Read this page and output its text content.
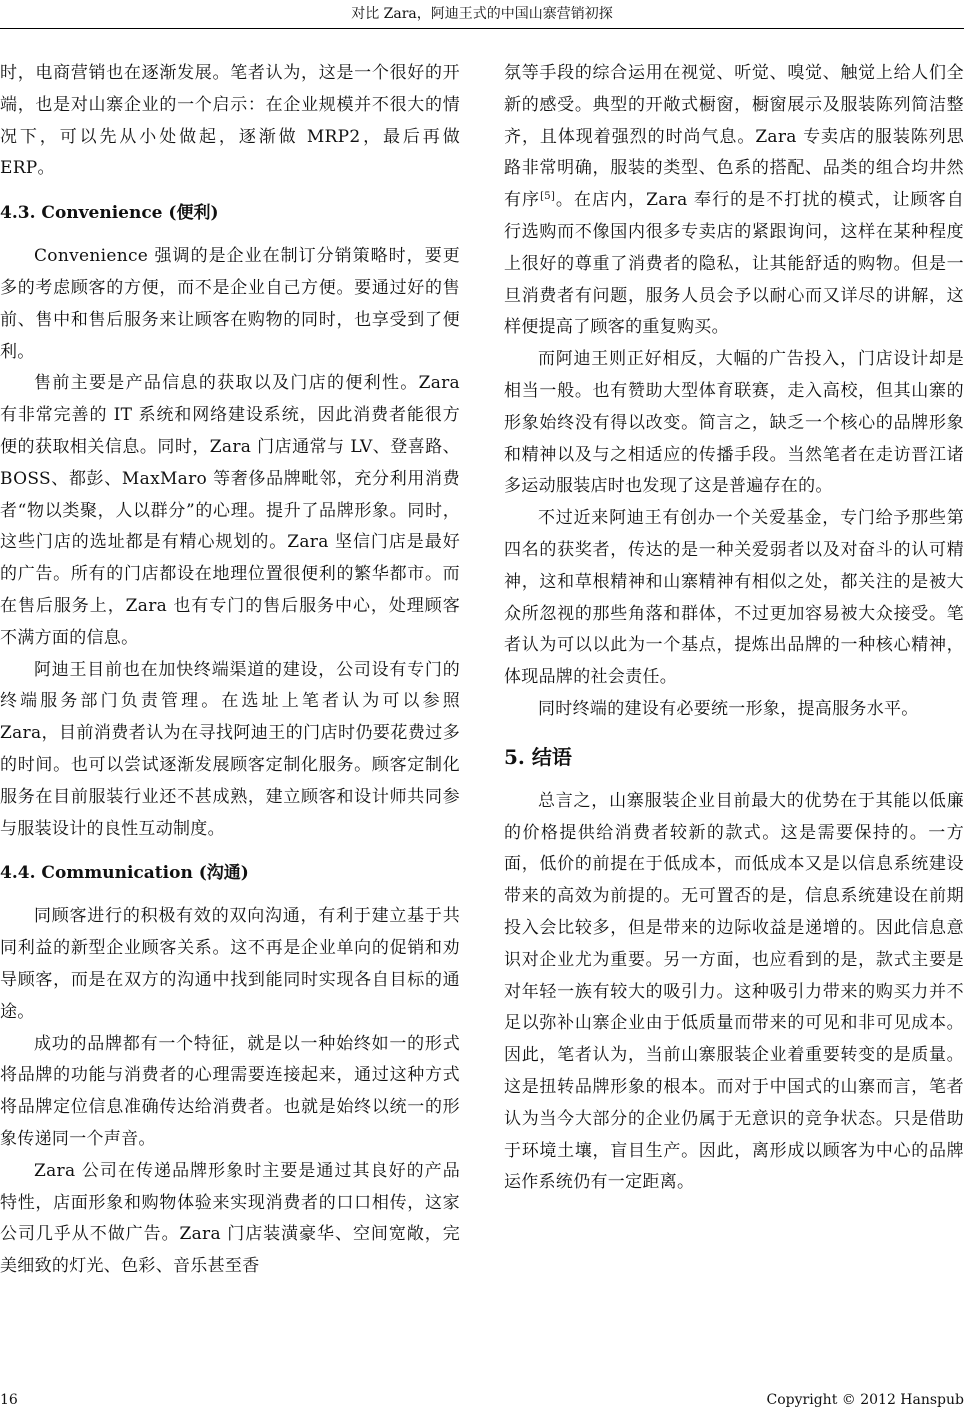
对比 Zara，阿迪王式的中国山寨营销初探

时，电商营销也在逐渐发展。笔者认为，这是一个很好的开端，也是对山寨企业的一个启示：在企业规模并不很大的情况下，可以先从小处做起，逐渐做 MRP2，最后再做 ERP。

4.3. Convenience (便利)

Convenience 强调的是企业在制订分销策略时，要更多的考虑顾客的方便，而不是企业自己方便。要通过好的售前、售中和售后服务来让顾客在购物的同时，也享受到了便利。

售前主要是产品信息的获取以及门店的便利性。Zara 有非常完善的 IT 系统和网络建设系统，因此消费者能很方便的获取相关信息。同时，Zara 门店通常与 LV、登喜路、BOSS、都彭、MaxMaro 等奢侈品牌毗邻，充分利用消费者“物以类聚，人以群分”的心理。提升了品牌形象。同时，这些门店的选址都是有精心规划的。Zara 坚信门店是最好的广告。所有的门店都设在地理位置很便利的繁华都市。而在售后服务上，Zara 也有专门的售后服务中心，处理顾客不满方面的信息。

阿迪王目前也在加快终端渠道的建设，公司设有专门的终端服务部门负责管理。在选址上笔者认为可以参照 Zara，目前消费者认为在寻找阿迪王的门店时仍要花费过多的时间。也可以尝试逐渐发展顾客定制化服务。顾客定制化服务在目前服装行业还不甚成熟，建立顾客和设计师共同参与服装设计的良性互动制度。

4.4. Communication (沟通)

同顾客进行的积极有效的双向沟通，有利于建立基于共同利益的新型企业顾客关系。这不再是企业单向的促销和劝导顾客，而是在双方的沟通中找到能同时实现各自目标的通途。

成功的品牌都有一个特征，就是以一种始终如一的形式将品牌的功能与消费者的心理需要连接起来，通过这种方式将品牌定位信息准确传达给消费者。也就是始终以统一的形象传递同一个声音。

Zara 公司在传递品牌形象时主要是通过其良好的产品特性，店面形象和购物体验来实现消费者的口口相传，这家公司几乎从不做广告。Zara 门店装潢豪华、空间宽敞，完美细致的灯光、色彩、音乐甚至香

氛等手段的综合运用在视觉、听觉、嗅觉、触觉上给人们全新的感受。典型的开敞式橱窗，橱窗展示及服装陈列简洁整齐，且体现着强烈的时尚气息。Zara 专卖店的服装陈列思路非常明确，服装的类型、色系的搭配、品类的组合均井然有序[5]。在店内，Zara 奉行的是不打扰的模式，让顾客自行选购而不像国内很多专卖店的紧跟询问，这样在某种程度上很好的尊重了消费者的隐私，让其能舒适的购物。但是一旦消费者有问题，服务人员会予以耐心而又详尽的讲解，这样便提高了顾客的重复购买。

而阿迪王则正好相反，大幅的广告投入，门店设计却是相当一般。也有赞助大型体育联赛，走入高校，但其山寨的形象始终没有得以改变。简言之，缺乏一个核心的品牌形象和精神以及与之相适应的传播手段。当然笔者在走访晋江诸多运动服装店时也发现了这是普遍存在的。

不过近来阿迪王有创办一个关爱基金，专门给予那些第四名的获奖者，传达的是一种关爱弱者以及对奋斗的认可精神，这和草根精神和山寨精神有相似之处，都关注的是被大众所忽视的那些角落和群体，不过更加容易被大众接受。笔者认为可以以此为一个基点，提炼出品牌的一种核心精神，体现品牌的社会责任。

同时终端的建设有必要统一形象，提高服务水平。

5. 结语

总言之，山寨服装企业目前最大的优势在于其能以低廉的价格提供给消费者较新的款式。这是需要保持的。一方面，低价的前提在于低成本，而低成本又是以信息系统建设带来的高效为前提的。无可置否的是，信息系统建设在前期投入会比较多，但是带来的边际收益是递增的。因此信息意识对企业尤为重要。另一方面，也应看到的是，款式主要是对年轻一族有较大的吸引力。这种吸引力带来的购买力并不足以弥补山寨企业由于低质量而带来的可见和非可见成本。因此，笔者认为，当前山寨服装企业着重要转变的是质量。这是扭转品牌形象的根本。而对于中国式的山寨而言，笔者认为当今大部分的企业仍属于无意识的竞争状态。只是借助于环境土壤，盲目生产。因此，离形成以顾客为中心的品牌运作系统仍有一定距离。

16	Copyright © 2012 Hanspub
